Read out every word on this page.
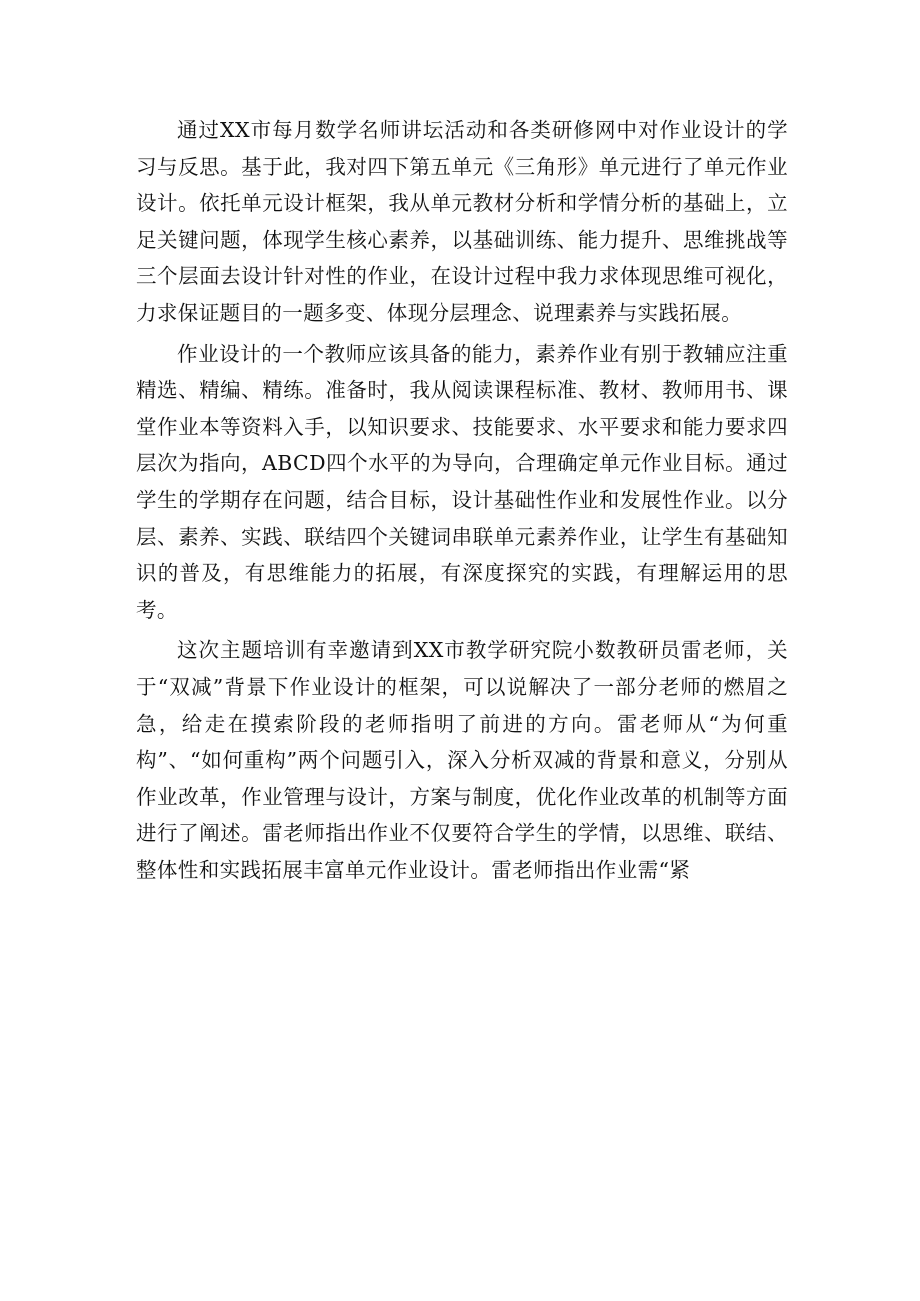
通过XX市每月数学名师讲坛活动和各类研修网中对作业设计的学习与反思。基于此，我对四下第五单元《三角形》单元进行了单元作业设计。依托单元设计框架，我从单元教材分析和学情分析的基础上，立足关键问题，体现学生核心素养，以基础训练、能力提升、思维挑战等三个层面去设计针对性的作业，在设计过程中我力求体现思维可视化，力求保证题目的一题多变、体现分层理念、说理素养与实践拓展。

作业设计的一个教师应该具备的能力，素养作业有别于教辅应注重精选、精编、精练。准备时，我从阅读课程标准、教材、教师用书、课堂作业本等资料入手，以知识要求、技能要求、水平要求和能力要求四层次为指向，ABCD四个水平的为导向，合理确定单元作业目标。通过学生的学期存在问题，结合目标，设计基础性作业和发展性作业。以分层、素养、实践、联结四个关键词串联单元素养作业，让学生有基础知识的普及，有思维能力的拓展，有深度探究的实践，有理解运用的思考。

这次主题培训有幸邀请到XX市教学研究院小数教研员雷老师，关于“双减”背景下作业设计的框架，可以说解决了一部分老师的燃眉之急，给走在摸索阶段的老师指明了前进的方向。雷老师从“为何重构”、“如何重构”两个问题引入，深入分析双减的背景和意义，分别从作业改革，作业管理与设计，方案与制度，优化作业改革的机制等方面进行了阐述。雷老师指出作业不仅要符合学生的学情，以思维、联结、整体性和实践拓展丰富单元作业设计。雷老师指出作业需“紧
